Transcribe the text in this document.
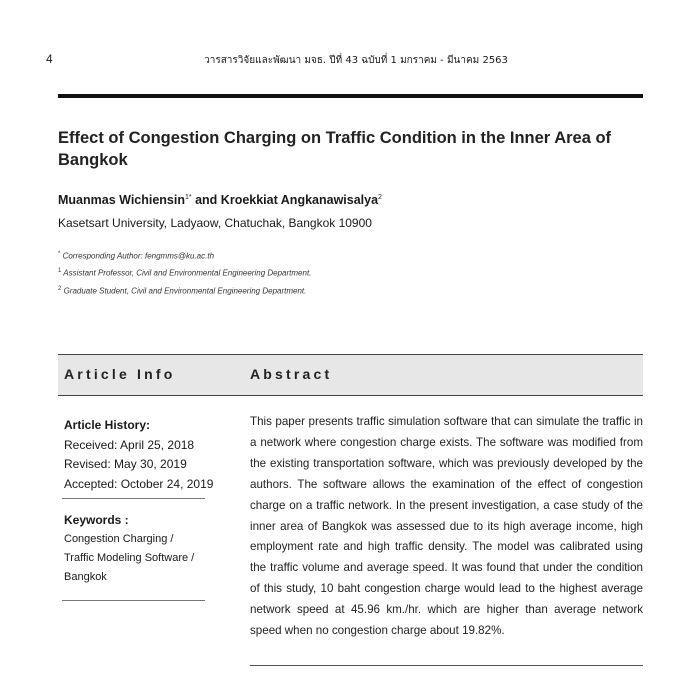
4	วารสารวิจัยและพัฒนา มจธ. ปีที่ 43 ฉบับที่ 1 มกราคม - มีนาคม 2563
Effect of Congestion Charging on Traffic Condition in the Inner Area of Bangkok
Muanmas Wichiensin$^{1*}$ and Kroekkiat Angkanawisalya$^2$
Kasetsart University, Ladyaow, Chatuchak, Bangkok 10900
* Corresponding Author: fengmms@ku.ac.th
$^1$ Assistant Professor, Civil and Environmental Engineering Department.
$^2$ Graduate Student, Civil and Environmental Engineering Department.
Article Info	Abstract
Article History:
Received: April 25, 2018
Revised: May 30, 2019
Accepted: October 24, 2019
Keywords :
Congestion Charging /
Traffic Modeling Software /
Bangkok
This paper presents traffic simulation software that can simulate the traffic in a network where congestion charge exists. The software was modified from the existing transportation software, which was previously developed by the authors. The software allows the examination of the effect of congestion charge on a traffic network. In the present investigation, a case study of the inner area of Bangkok was assessed due to its high average income, high employment rate and high traffic density. The model was calibrated using the traffic volume and average speed. It was found that under the condition of this study, 10 baht congestion charge would lead to the highest average network speed at 45.96 km./hr. which are higher than average network speed when no congestion charge about 19.82%.
